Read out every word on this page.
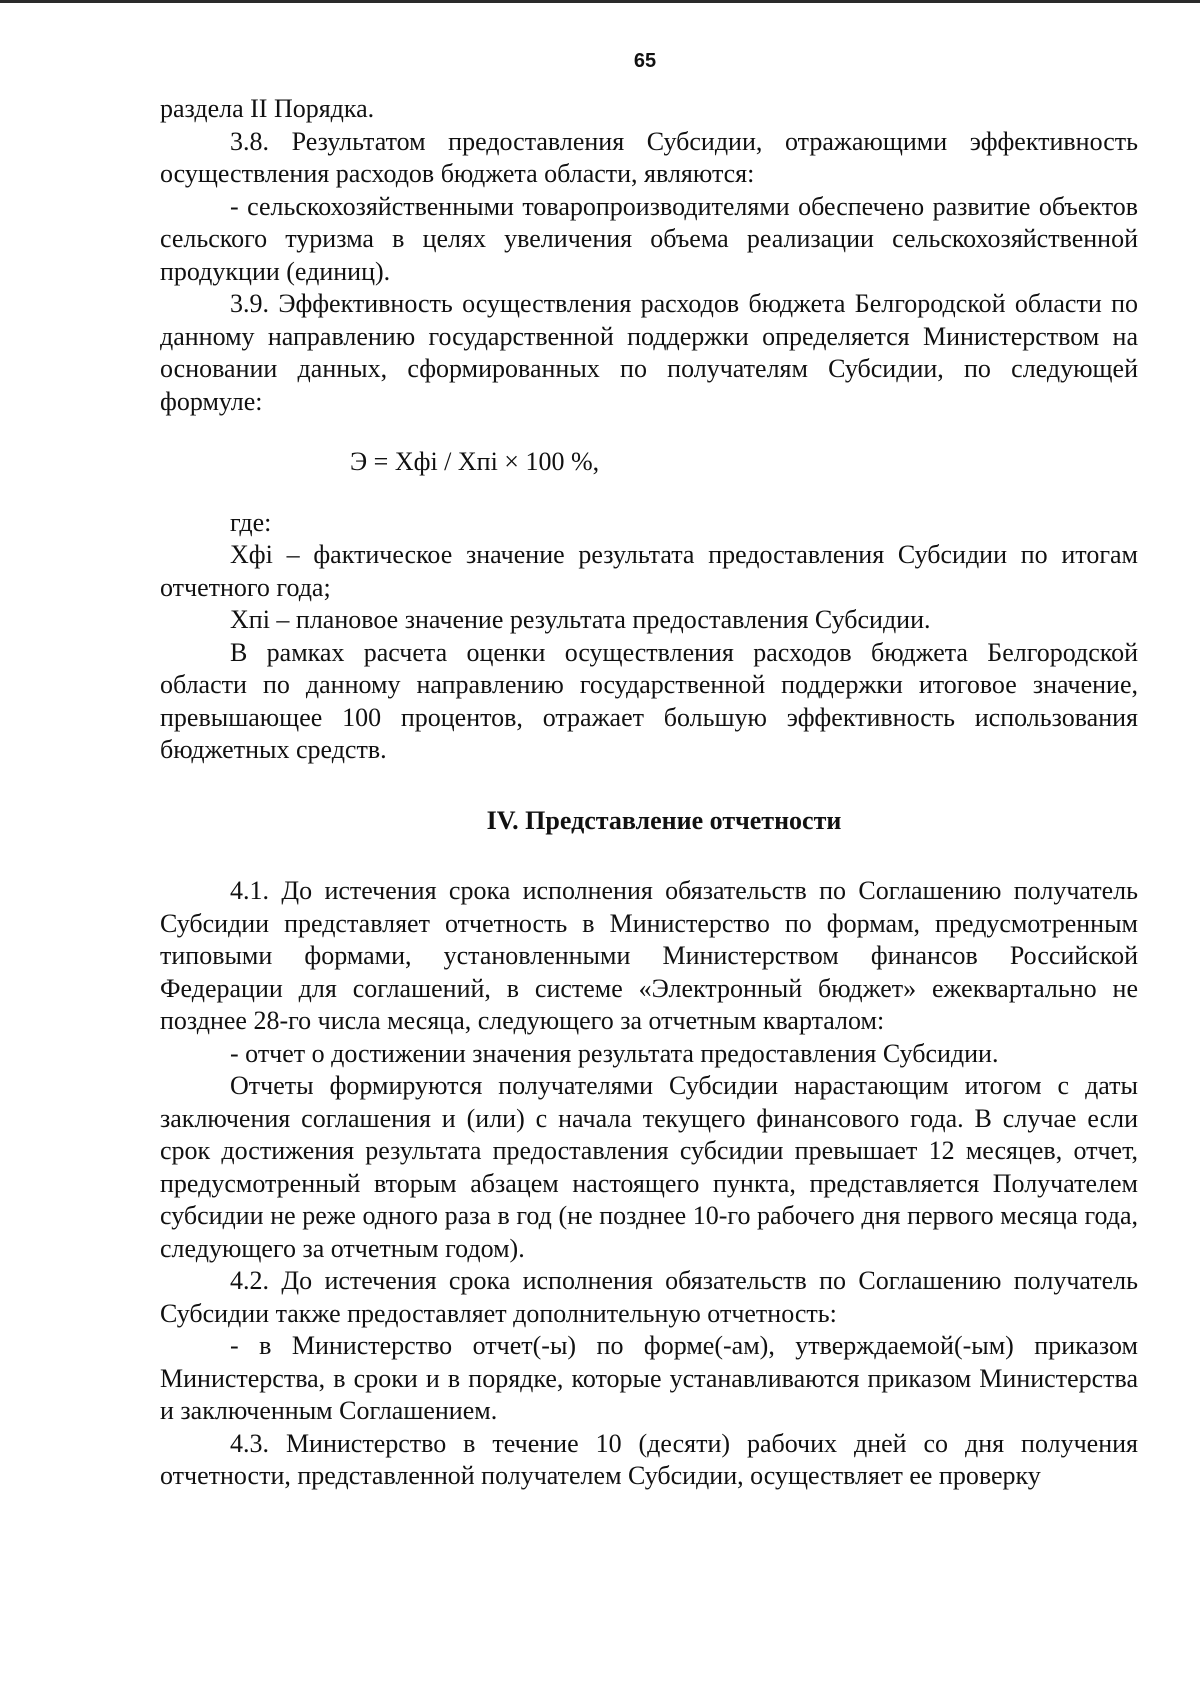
65

раздела II Порядка.

3.8. Результатом предоставления Субсидии, отражающими эффективность осуществления расходов бюджета области, являются:

- сельскохозяйственными товаропроизводителями обеспечено развитие объектов сельского туризма в целях увеличения объема реализации сельскохозяйственной продукции (единиц).

3.9. Эффективность осуществления расходов бюджета Белгородской области по данному направлению государственной поддержки определяется Министерством на основании данных, сформированных по получателям Субсидии, по следующей формуле:

Э = Хфi / Хпi × 100 %,

где:

Хфi – фактическое значение результата предоставления Субсидии по итогам отчетного года;

Хпi – плановое значение результата предоставления Субсидии.

В рамках расчета оценки осуществления расходов бюджета Белгородской области по данному направлению государственной поддержки итоговое значение, превышающее 100 процентов, отражает большую эффективность использования бюджетных средств.

IV. Представление отчетности

4.1. До истечения срока исполнения обязательств по Соглашению получатель Субсидии представляет отчетность в Министерство по формам, предусмотренным типовыми формами, установленными Министерством финансов Российской Федерации для соглашений, в системе «Электронный бюджет» ежеквартально не позднее 28-го числа месяца, следующего за отчетным кварталом:

- отчет о достижении значения результата предоставления Субсидии.

Отчеты формируются получателями Субсидии нарастающим итогом с даты заключения соглашения и (или) с начала текущего финансового года. В случае если срок достижения результата предоставления субсидии превышает 12 месяцев, отчет, предусмотренный вторым абзацем настоящего пункта, представляется Получателем субсидии не реже одного раза в год (не позднее 10-го рабочего дня первого месяца года, следующего за отчетным годом).

4.2. До истечения срока исполнения обязательств по Соглашению получатель Субсидии также предоставляет дополнительную отчетность:

- в Министерство отчет(-ы) по форме(-ам), утверждаемой(-ым) приказом Министерства, в сроки и в порядке, которые устанавливаются приказом Министерства и заключенным Соглашением.

4.3. Министерство в течение 10 (десяти) рабочих дней со дня получения отчетности, представленной получателем Субсидии, осуществляет ее проверку
